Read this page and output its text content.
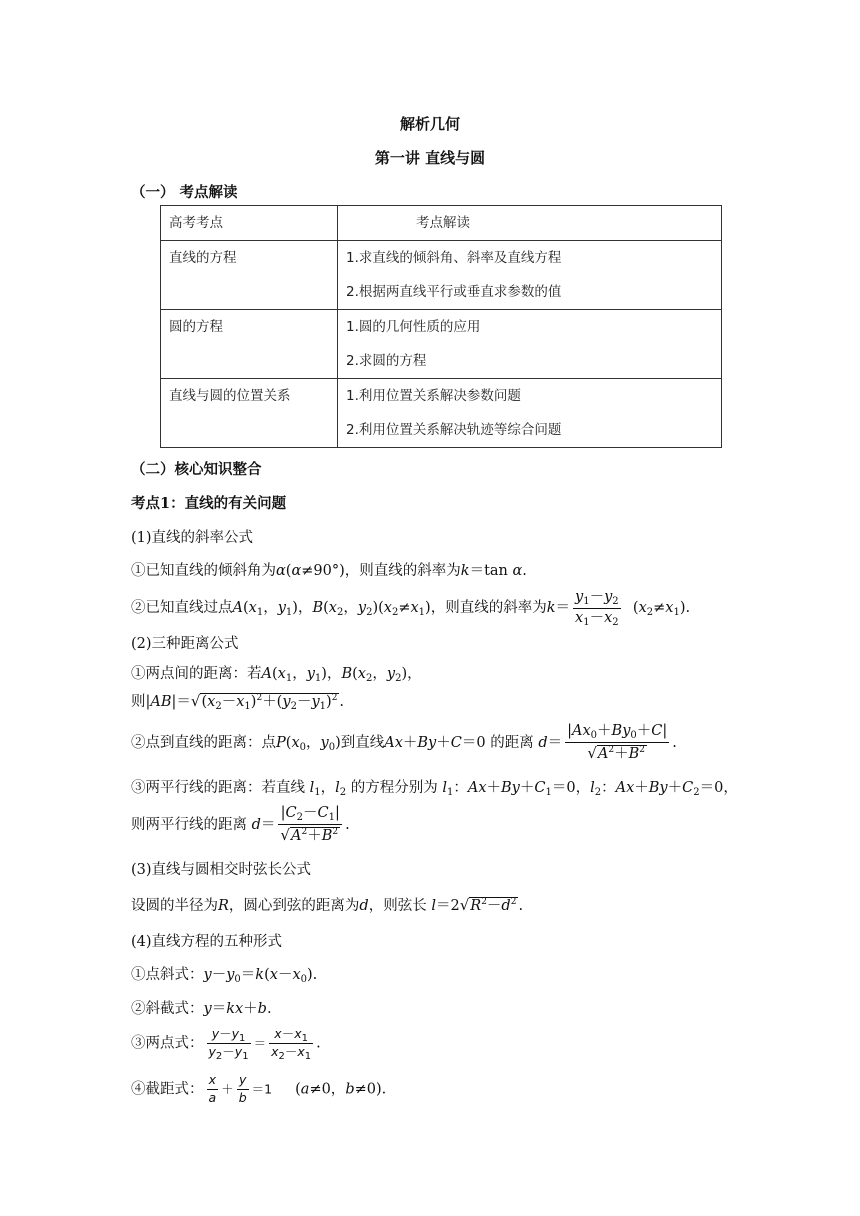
解析几何
第一讲 直线与圆
（一） 考点解读
高考考点	考点解读

直线的方程	1.求直线的倾斜角、斜率及直线方程
2.根据两直线平行或垂直求参数的值

圆的方程	1.圆的几何性质的应用
2.求圆的方程

直线与圆的位置关系	1.利用位置关系解决参数问题
2.利用位置关系解决轨迹等综合问题
（二）核心知识整合
考点1：直线的有关问题
(1)直线的斜率公式
①已知直线的倾斜角为α(α≠90°)，则直线的斜率为k＝tan α.
②已知直线过点$A(x_1$，$y_1$)，$B(x_2$，$y_2)(x_2\ne x_1)$，则直线的斜率为$k= \frac{y_1-y_2}{x_1-x_2} (x_2\ne x_1)$.
(2)三种距离公式
①两点间的距离：若$A(x_1$，$y_1$)，$B(x_2$，$y_2$)，
则$|AB|=√(x_2-x_1)^2+(y_2-y_1)^2$ .
②点到直线的距离：点$P(x_0$，$y_0$)到直线Ax＋By＋C＝0 的距离 $d= \frac{|Ax_0+By_0+C|}{√A^2+B^2}$ .
③两平行线的距离：若直线 $l_1$，$l_2$ 的方程分别为 $l_1$：$Ax+By+C_1=0$，$l_2$：$Ax+By+C_2=0$，
则两平行线的距离 $d= \frac{|C_2-C_1|}{√A^2+B^2}$ .
(3)直线与圆相交时弦长公式
设圆的半径为R，圆心到弦的距离为d，则弦长 $l=2√R^2-d^2$ .
(4)直线方程的五种形式
①点斜式：$y-y_0=k(x-x_0)$.
②斜截式：y＝kx＋b.
③两点式： $\frac{y-y_1}{y_2-y_1} = \frac{x-x_1}{x_2-x_1}$ .
④截距式： $\frac{x}{a} + \frac{y}{b} =1$     (a≠0，b≠0).
